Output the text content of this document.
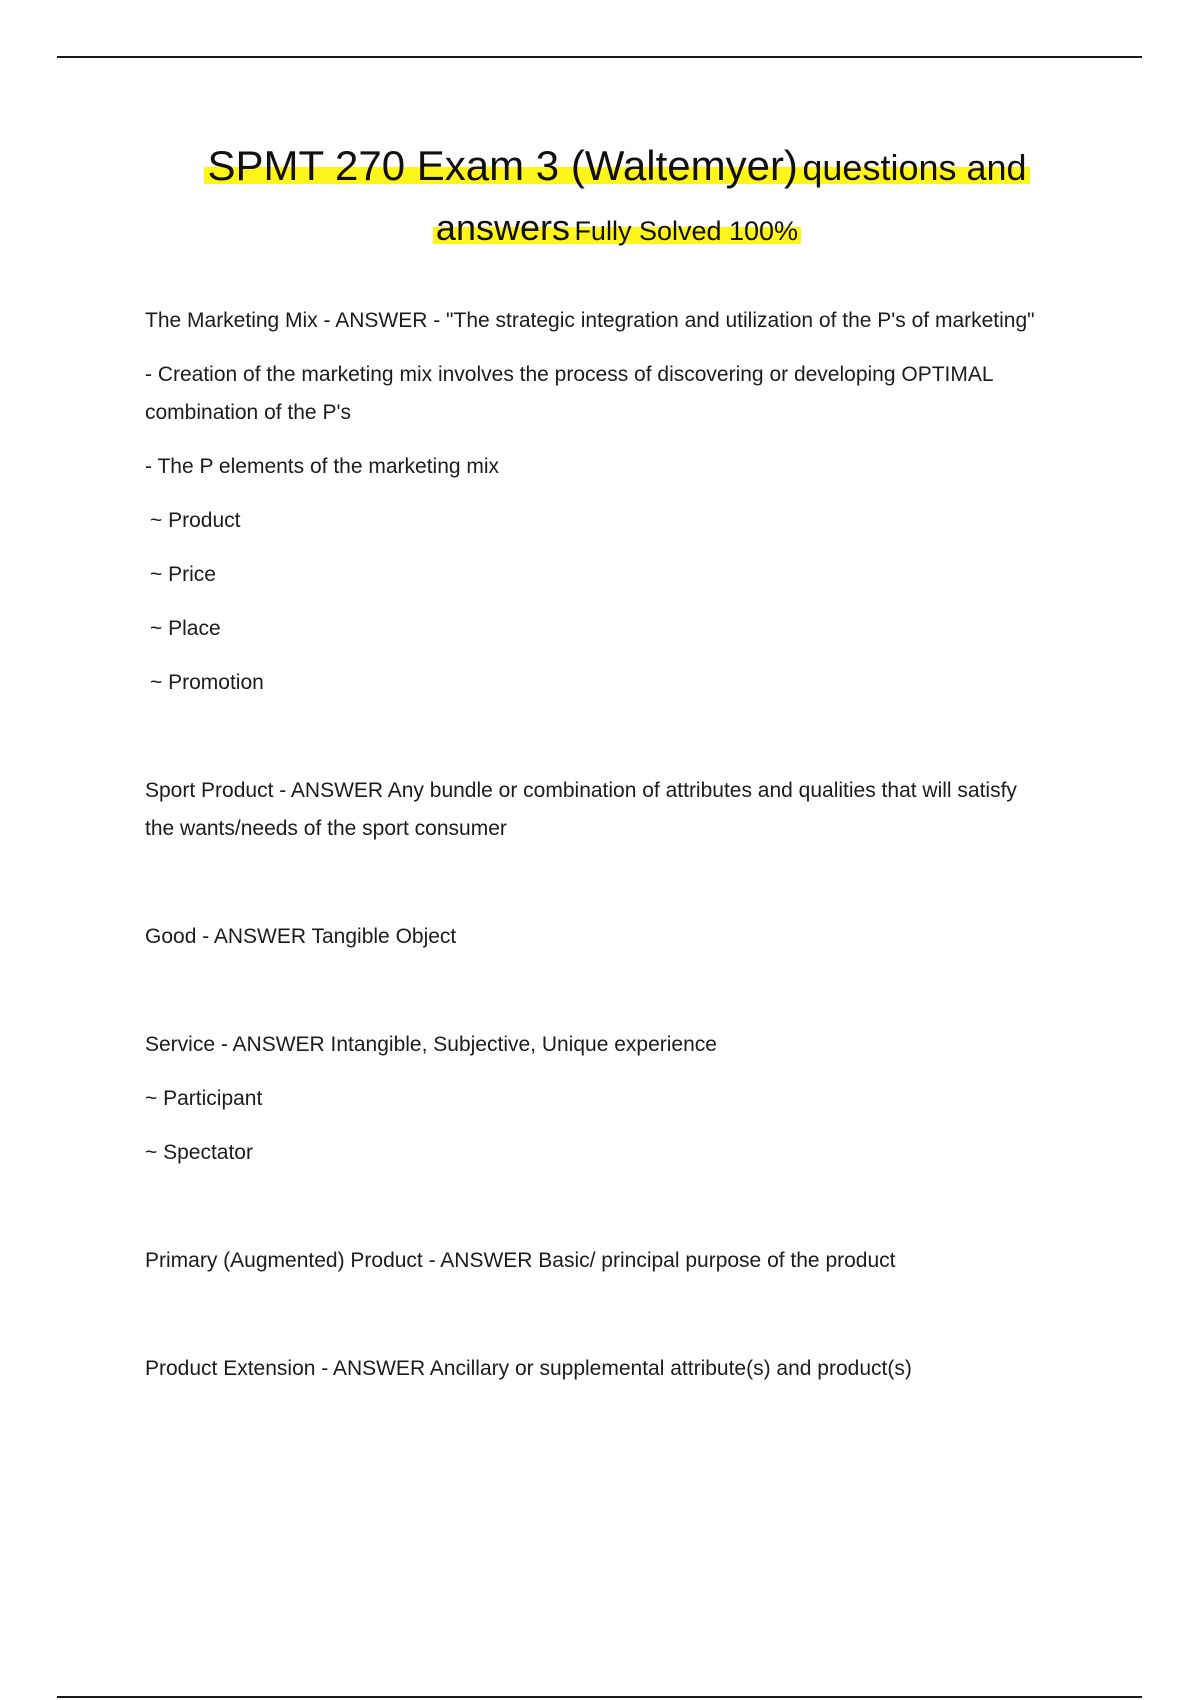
SPMT 270 Exam 3 (Waltemyer) questions and
answers Fully Solved 100%
The Marketing Mix - ANSWER - "The strategic integration and utilization of the P's of marketing"
- Creation of the marketing mix involves the process of discovering or developing OPTIMAL
combination of the P's
- The P elements of the marketing mix
~ Product
~ Price
~ Place
~ Promotion
Sport Product - ANSWER Any bundle or combination of attributes and qualities that will satisfy
the wants/needs of the sport consumer
Good - ANSWER Tangible Object
Service - ANSWER Intangible, Subjective, Unique experience
~ Participant
~ Spectator
Primary (Augmented) Product - ANSWER Basic/ principal purpose of the product
Product Extension - ANSWER Ancillary or supplemental attribute(s) and product(s)
